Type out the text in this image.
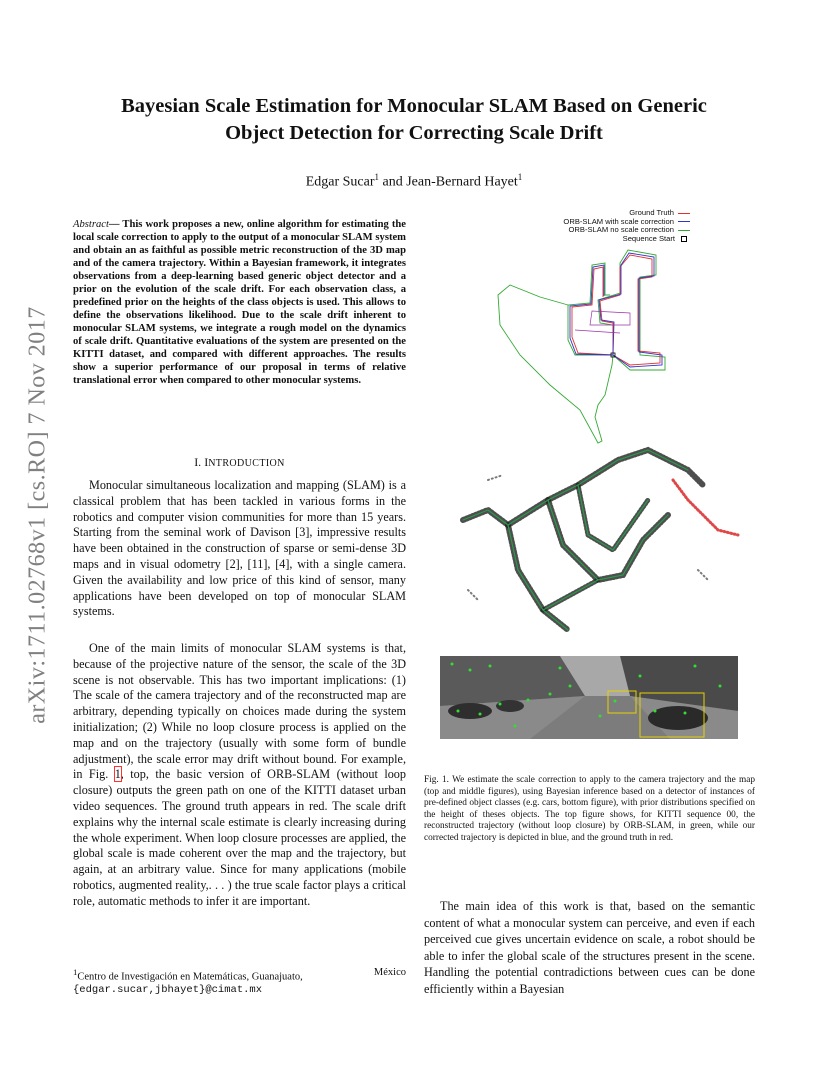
arXiv:1711.02768v1 [cs.RO] 7 Nov 2017
Bayesian Scale Estimation for Monocular SLAM Based on Generic
Object Detection for Correcting Scale Drift
Edgar Sucar$^1$ and Jean-Bernard Hayet$^1$
Abstract— This work proposes a new, online algorithm for estimating the local scale correction to apply to the output of a monocular SLAM system and obtain an as faithful as possible metric reconstruction of the 3D map and of the camera trajectory. Within a Bayesian framework, it integrates observations from a deep-learning based generic object detector and a prior on the evolution of the scale drift. For each observation class, a predefined prior on the heights of the class objects is used. This allows to define the observations likelihood. Due to the scale drift inherent to monocular SLAM systems, we integrate a rough model on the dynamics of scale drift. Quantitative evaluations of the system are presented on the KITTI dataset, and compared with different approaches. The results show a superior performance of our proposal in terms of relative translational error when compared to other monocular systems.
I. INTRODUCTION

Monocular simultaneous localization and mapping (SLAM) is a classical problem that has been tackled in various forms in the robotics and computer vision communities for more than 15 years. Starting from the seminal work of Davison [3], impressive results have been obtained in the construction of sparse or semi-dense 3D maps and in visual odometry [2], [11], [4], with a single camera. Given the availability and low price of this kind of sensor, many applications have been developed on top of monocular SLAM systems.

One of the main limits of monocular SLAM systems is that, because of the projective nature of the sensor, the scale of the 3D scene is not observable. This has two important implications: (1) The scale of the camera trajectory and of the reconstructed map are arbitrary, depending typically on choices made during the system initialization; (2) While no loop closure process is applied on the map and on the trajectory (usually with some form of bundle adjustment), the scale error may drift without bound. For example, in Fig. 1, top, the basic version of ORB-SLAM (without loop closure) outputs the green path on one of the KITTI dataset urban video sequences. The ground truth appears in red. The scale drift explains why the internal scale estimate is clearly increasing during the whole experiment. When loop closure processes are applied, the global scale is made coherent over the map and the trajectory, but again, at an arbitrary value. Since for many applications (mobile robotics, augmented reality,. . . ) the true scale factor plays a critical role, automatic methods to infer it are important.

$^1$Centro de Investigación en Matemáticas, Guanajuato,	México
{edgar.sucar,jbhayet}@cimat.mx
Ground Truth
ORB-SLAM with scale correction
ORB-SLAM no scale correction
Sequence Start
Fig. 1. We estimate the scale correction to apply to the camera trajectory and the map (top and middle figures), using Bayesian inference based on a detector of instances of pre-defined object classes (e.g. cars, bottom figure), with prior distributions specified on the height of theses objects. The top figure shows, for KITTI sequence 00, the reconstructed trajectory (without loop closure) by ORB-SLAM, in green, while our corrected trajectory is depicted in blue, and the ground truth in red.

The main idea of this work is that, based on the semantic content of what a monocular system can perceive, and even if each perceived cue gives uncertain evidence on scale, a robot should be able to infer the global scale of the structures present in the scene. Handling the potential contradictions between cues can be done efficiently within a Bayesian
